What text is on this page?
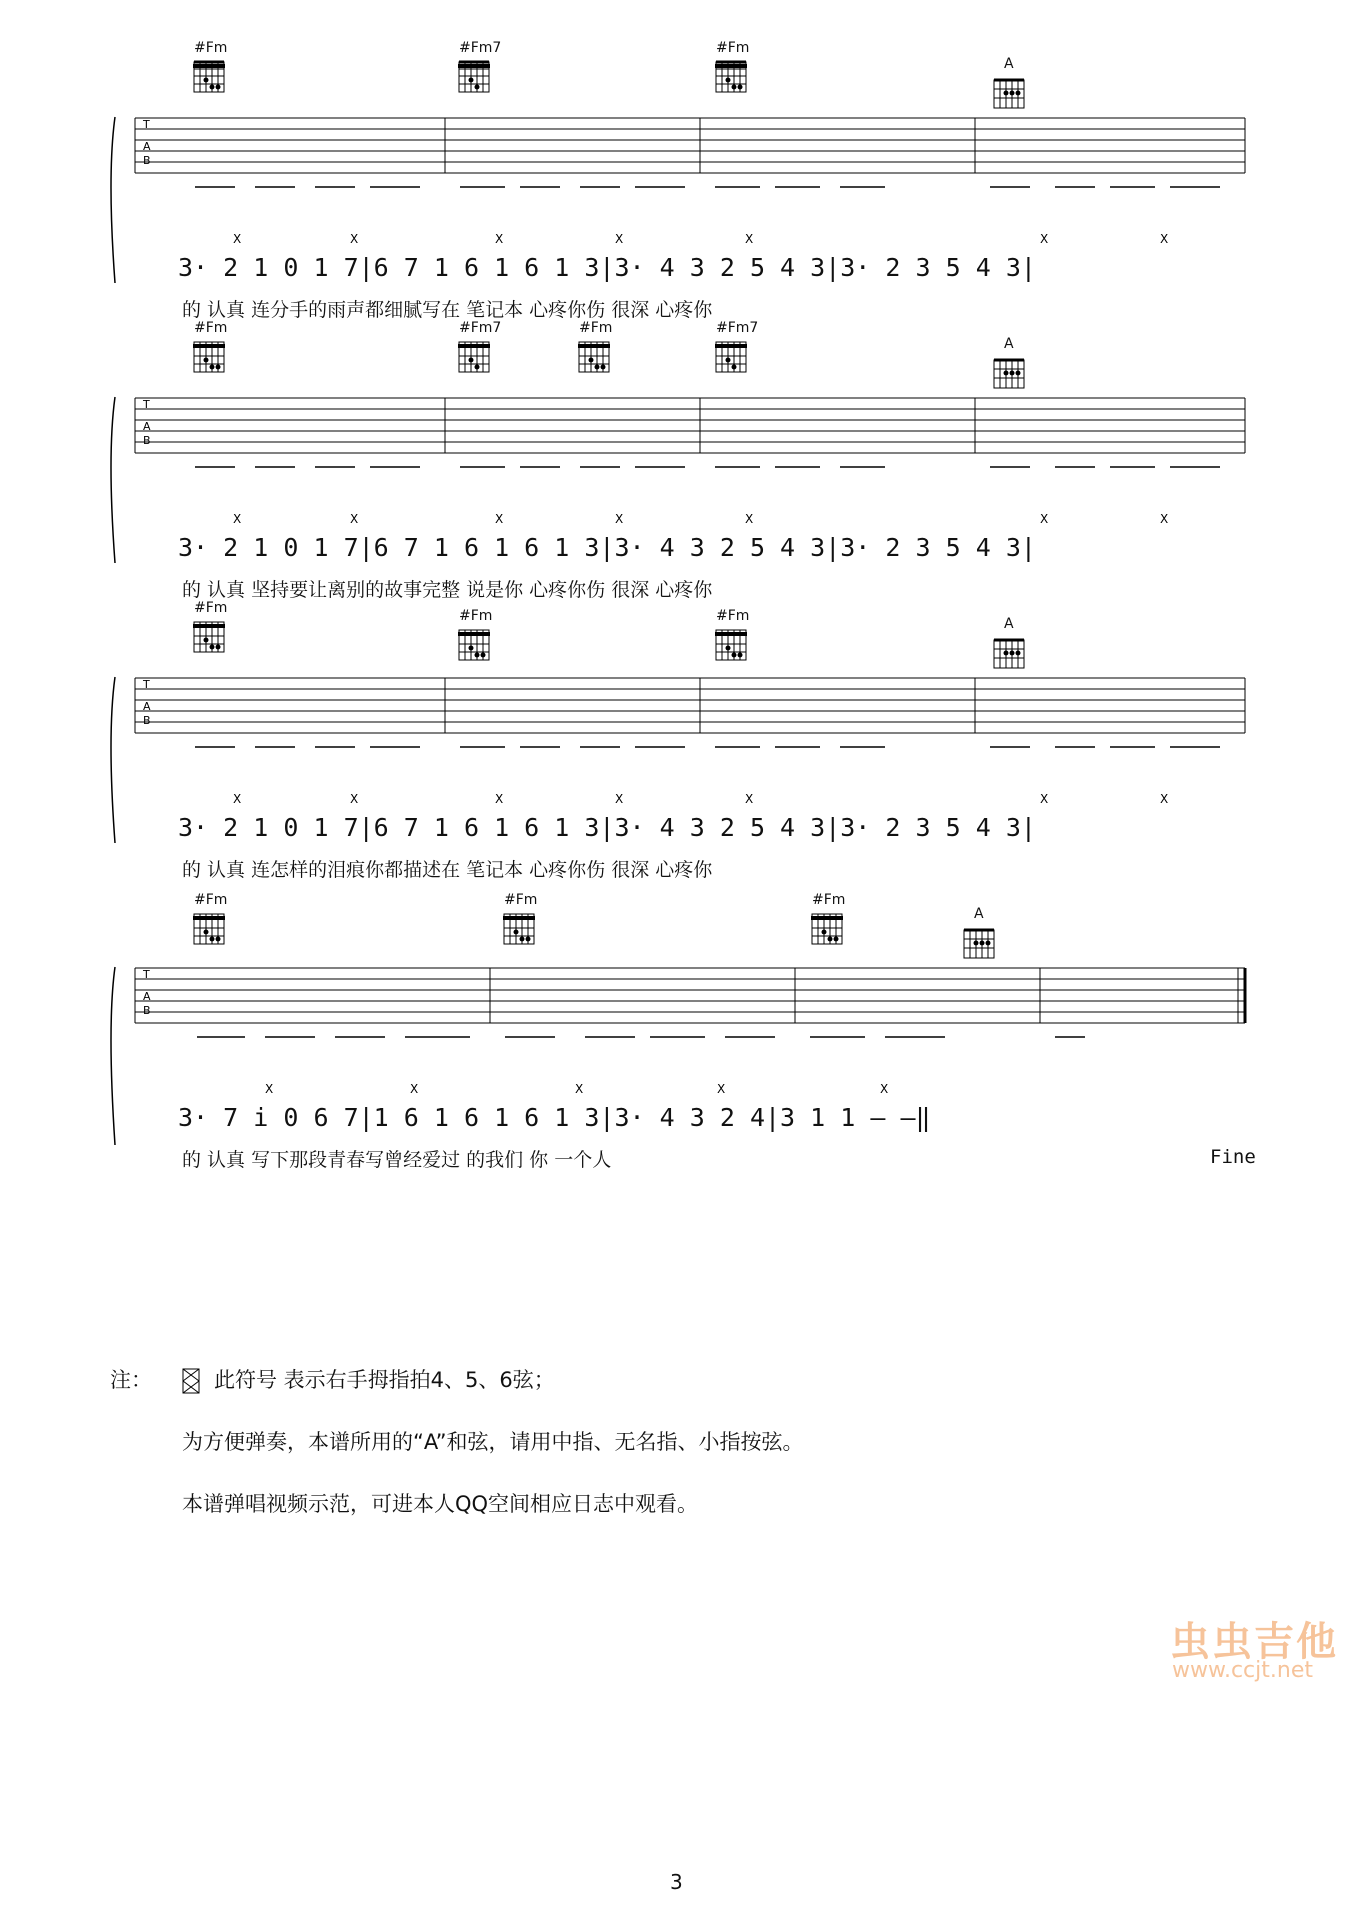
#Fm	#Fm7	#Fm
A
T
A
B
X	X	X	X	X	X	X
3· 2 1 0 1 7|6 7 1 6 1 6 1 3|3· 4 3 2 5 4 3|3· 2 3 5 4 3|
的 认真 连分手的雨声都细腻写在 笔记本 心疼你伤 很深 心疼你
#Fm	#Fm7	#Fm	#Fm7
A
T
A
B
X	X	X	X	X	X	X
3· 2 1 0 1 7|6 7 1 6 1 6 1 3|3· 4 3 2 5 4 3|3· 2 3 5 4 3|
的 认真 坚持要让离别的故事完整 说是你 心疼你伤 很深 心疼你
#Fm	#Fm	#Fm	A
T
A
B
X	X	X	X	X	X	X
3· 2 1 0 1 7|6 7 1 6 1 6 1 3|3· 4 3 2 5 4 3|3· 2 3 5 4 3|
的 认真 连怎样的泪痕你都描述在 笔记本 心疼你伤 很深 心疼你
#Fm	#Fm	#Fm
A
T
A
B
X	X	X	X	X
3· 7 i 0 6 7|1 6 1 6 1 6 1 3|3· 4 3 2 4|3 1 1 – –‖
的 认真 写下那段青春写曾经爱过 的我们 你 一个人	Fine

注：	此符号 表示右手拇指拍4、5、6弦；

为方便弹奏，本谱所用的“A”和弦，请用中指、无名指、小指按弦。

本谱弹唱视频示范，可进本人QQ空间相应日志中观看。

虫虫吉他
www.ccjt.net
3
